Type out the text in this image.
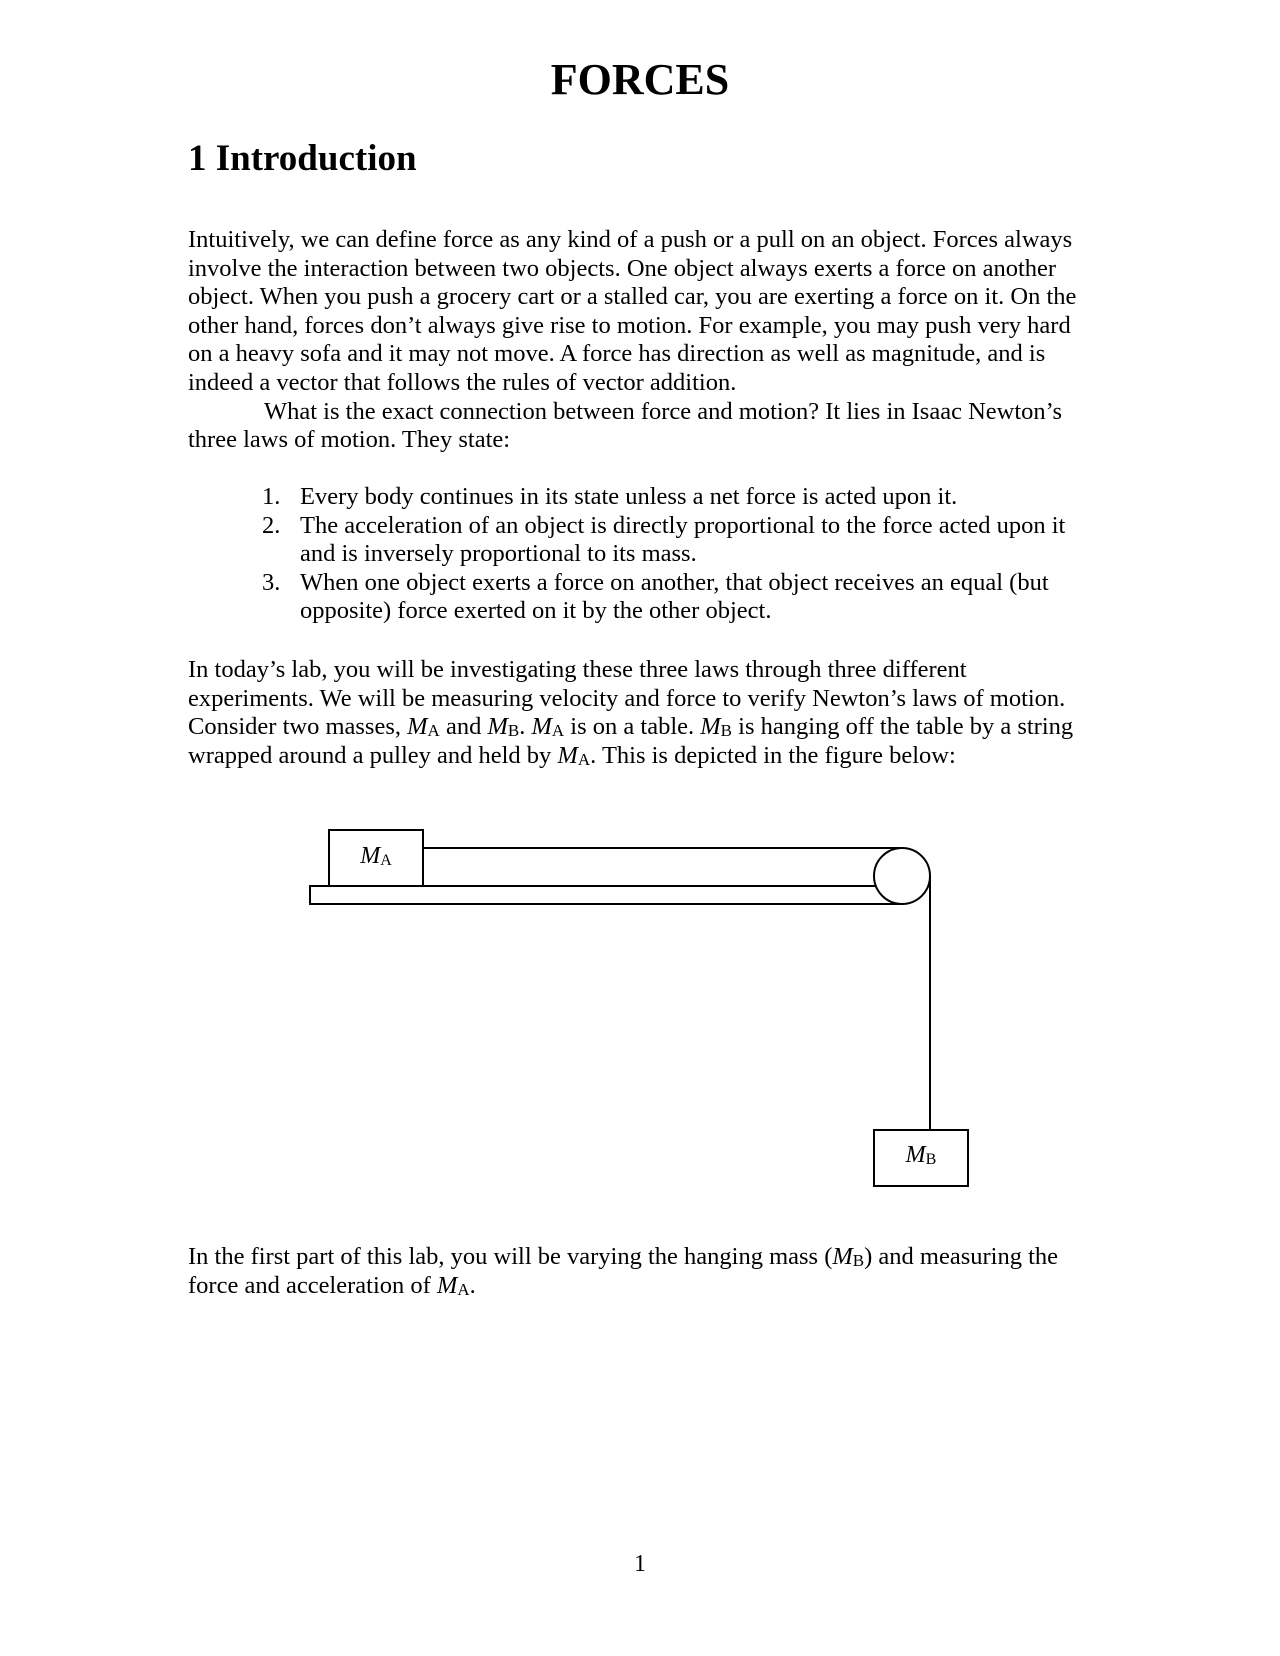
FORCES
1 Introduction

Intuitively, we can define force as any kind of a push or a pull on an object. Forces always involve the interaction between two objects. One object always exerts a force on another object. When you push a grocery cart or a stalled car, you are exerting a force on it. On the other hand, forces don’t always give rise to motion. For example, you may push very hard on a heavy sofa and it may not move. A force has direction as well as magnitude, and is indeed a vector that follows the rules of vector addition.

What is the exact connection between force and motion? It lies in Isaac Newton’s three laws of motion. They state:

1. Every body continues in its state unless a net force is acted upon it.
2. The acceleration of an object is directly proportional to the force acted upon it and is inversely proportional to its mass.
3. When one object exerts a force on another, that object receives an equal (but opposite) force exerted on it by the other object.

In today’s lab, you will be investigating these three laws through three different experiments. We will be measuring velocity and force to verify Newton’s laws of motion.

Consider two masses, $M_A$ and $M_B$. $M_A$ is on a table. $M_B$ is hanging off the table by a string wrapped around a pulley and held by $M_A$. This is depicted in the figure below:

$M_A$
$M_B$

In the first part of this lab, you will be varying the hanging mass $(M_B)$ and measuring the force and acceleration of $M_A$.

1
